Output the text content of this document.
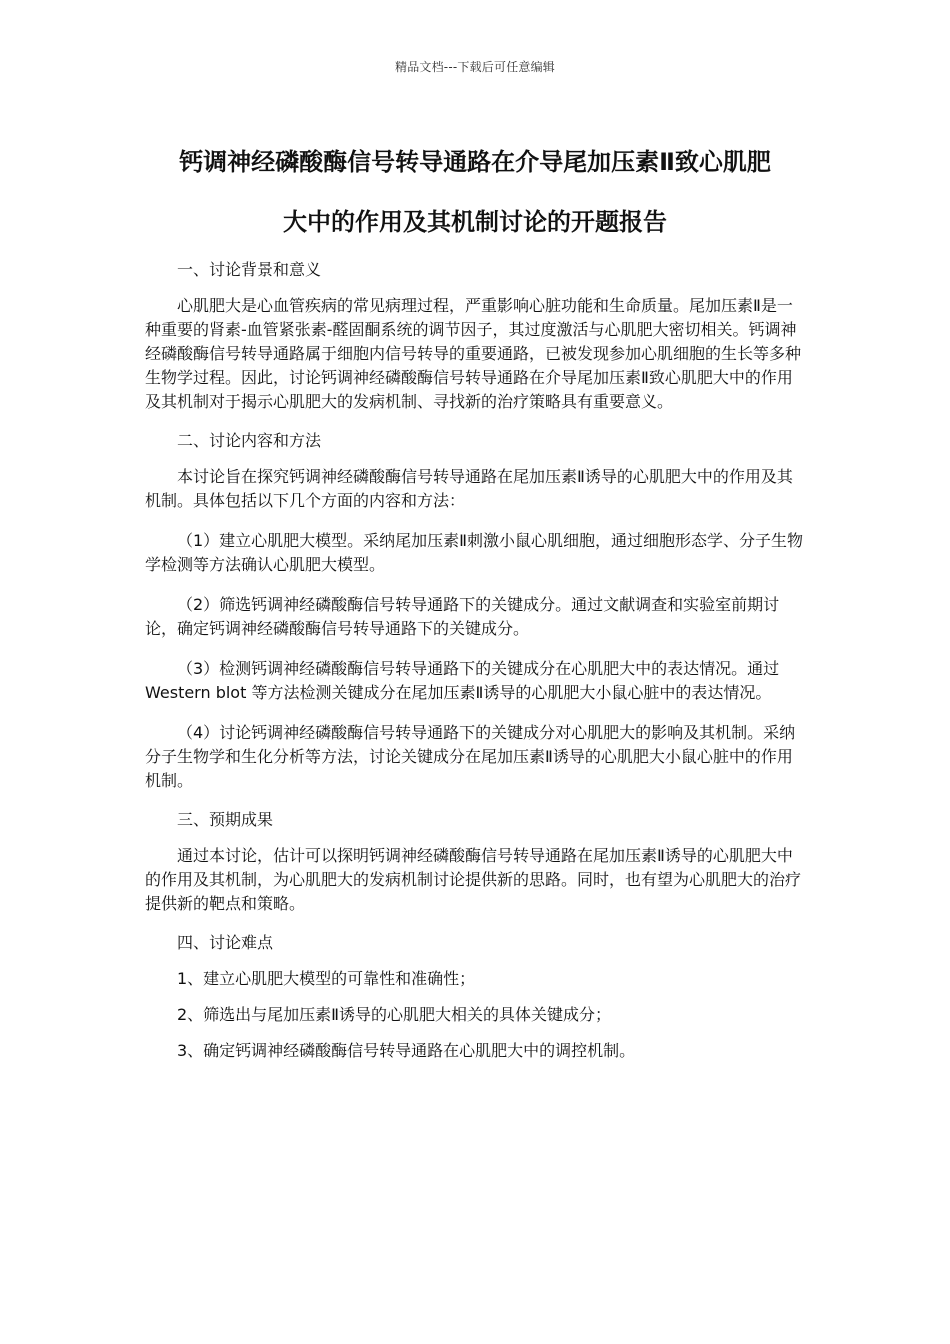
精品文档---下载后可任意编辑
钙调神经磷酸酶信号转导通路在介导尾加压素Ⅱ致心肌肥
大中的作用及其机制讨论的开题报告

一、讨论背景和意义

心肌肥大是心血管疾病的常见病理过程，严重影响心脏功能和生命质量。尾加压素Ⅱ是一种重要的肾素-血管紧张素-醛固酮系统的调节因子，其过度激活与心肌肥大密切相关。钙调神经磷酸酶信号转导通路属于细胞内信号转导的重要通路，已被发现参加心肌细胞的生长等多种生物学过程。因此，讨论钙调神经磷酸酶信号转导通路在介导尾加压素Ⅱ致心肌肥大中的作用及其机制对于揭示心肌肥大的发病机制、寻找新的治疗策略具有重要意义。

二、讨论内容和方法

本讨论旨在探究钙调神经磷酸酶信号转导通路在尾加压素Ⅱ诱导的心肌肥大中的作用及其机制。具体包括以下几个方面的内容和方法：

（1）建立心肌肥大模型。采纳尾加压素Ⅱ刺激小鼠心肌细胞，通过细胞形态学、分子生物学检测等方法确认心肌肥大模型。

（2）筛选钙调神经磷酸酶信号转导通路下的关键成分。通过文献调查和实验室前期讨论，确定钙调神经磷酸酶信号转导通路下的关键成分。

（3）检测钙调神经磷酸酶信号转导通路下的关键成分在心肌肥大中的表达情况。通过 Western blot 等方法检测关键成分在尾加压素Ⅱ诱导的心肌肥大小鼠心脏中的表达情况。

（4）讨论钙调神经磷酸酶信号转导通路下的关键成分对心肌肥大的影响及其机制。采纳分子生物学和生化分析等方法，讨论关键成分在尾加压素Ⅱ诱导的心肌肥大小鼠心脏中的作用机制。

三、预期成果

通过本讨论，估计可以探明钙调神经磷酸酶信号转导通路在尾加压素Ⅱ诱导的心肌肥大中的作用及其机制，为心肌肥大的发病机制讨论提供新的思路。同时，也有望为心肌肥大的治疗提供新的靶点和策略。

四、讨论难点

1、建立心肌肥大模型的可靠性和准确性；

2、筛选出与尾加压素Ⅱ诱导的心肌肥大相关的具体关键成分；

3、确定钙调神经磷酸酶信号转导通路在心肌肥大中的调控机制。
